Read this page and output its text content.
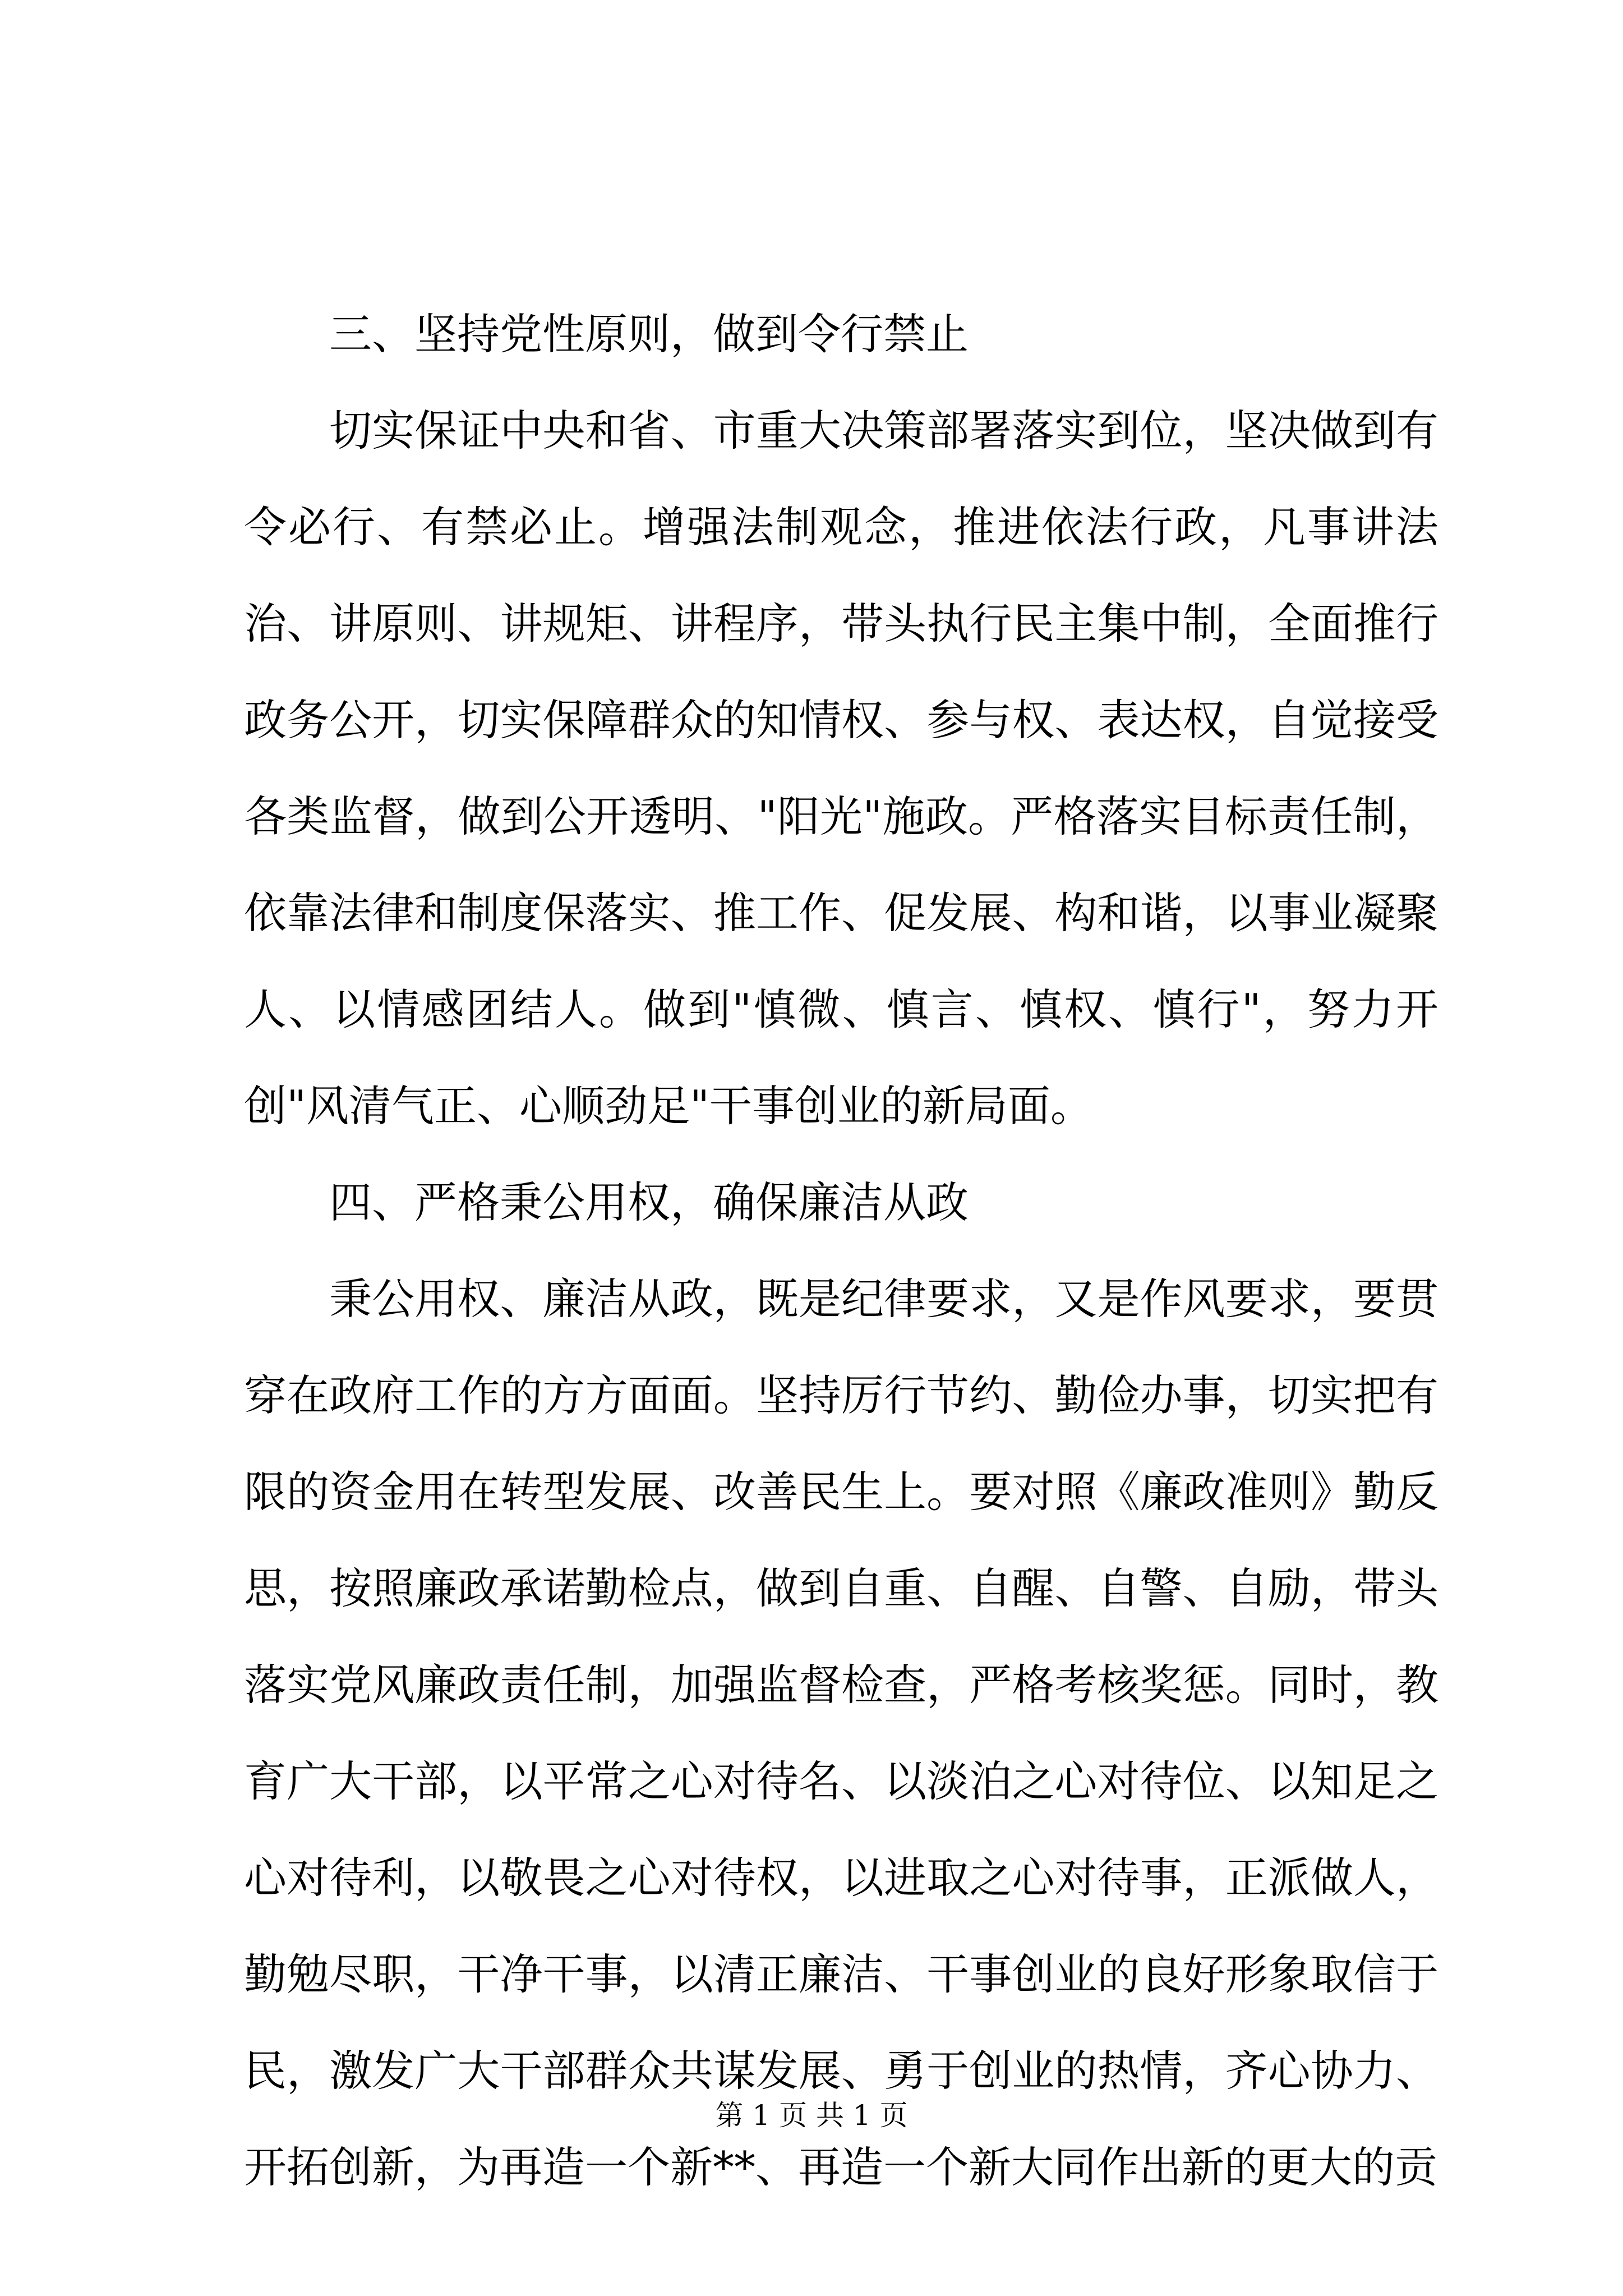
三、坚持党性原则，做到令行禁止

切实保证中央和省、市重大决策部署落实到位，坚决做到有令必行、有禁必止。增强法制观念，推进依法行政，凡事讲法治、讲原则、讲规矩、讲程序，带头执行民主集中制，全面推行政务公开，切实保障群众的知情权、参与权、表达权，自觉接受各类监督，做到公开透明、"阳光"施政。严格落实目标责任制，依靠法律和制度保落实、推工作、促发展、构和谐，以事业凝聚人、以情感团结人。做到"慎微、慎言、慎权、慎行"，努力开创"风清气正、心顺劲足"干事创业的新局面。

四、严格秉公用权，确保廉洁从政

秉公用权、廉洁从政，既是纪律要求，又是作风要求，要贯穿在政府工作的方方面面。坚持厉行节约、勤俭办事，切实把有限的资金用在转型发展、改善民生上。要对照《廉政准则》勤反思，按照廉政承诺勤检点，做到自重、自醒、自警、自励，带头落实党风廉政责任制，加强监督检查，严格考核奖惩。同时，教育广大干部，以平常之心对待名、以淡泊之心对待位、以知足之心对待利，以敬畏之心对待权，以进取之心对待事，正派做人，勤勉尽职，干净干事，以清正廉洁、干事创业的良好形象取信于民，激发广大干部群众共谋发展、勇于创业的热情，齐心协力、开拓创新，为再造一个新**、再造一个新大同作出新的更大的贡

第 1 页 共 1 页
